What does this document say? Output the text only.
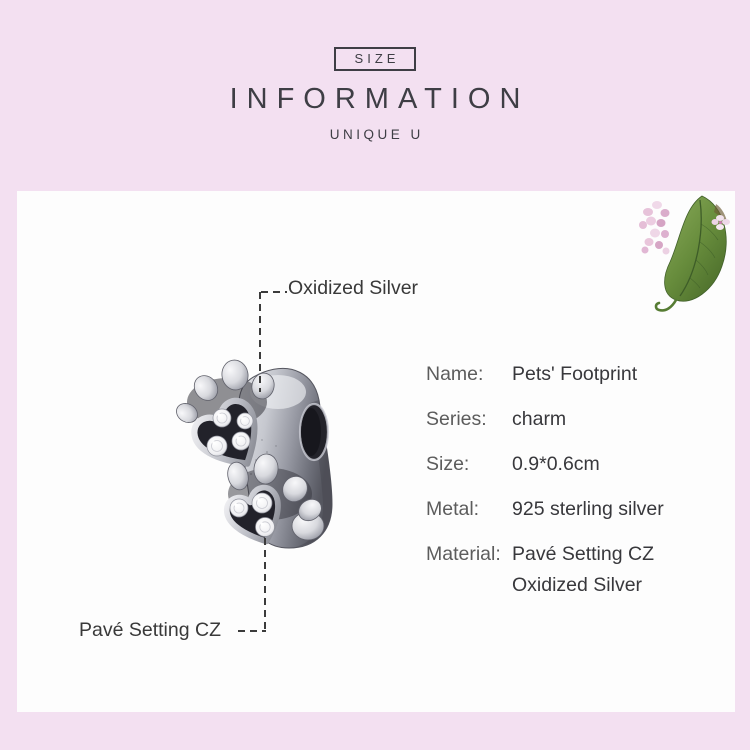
SIZE
INFORMATION
UNIQUE U
Oxidized Silver
Pavé Setting CZ
Name:	Pets' Footprint
Series:	charm
Size:	0.9*0.6cm
Metal:	925 sterling silver
Material: Pavé Setting CZ
Oxidized Silver
